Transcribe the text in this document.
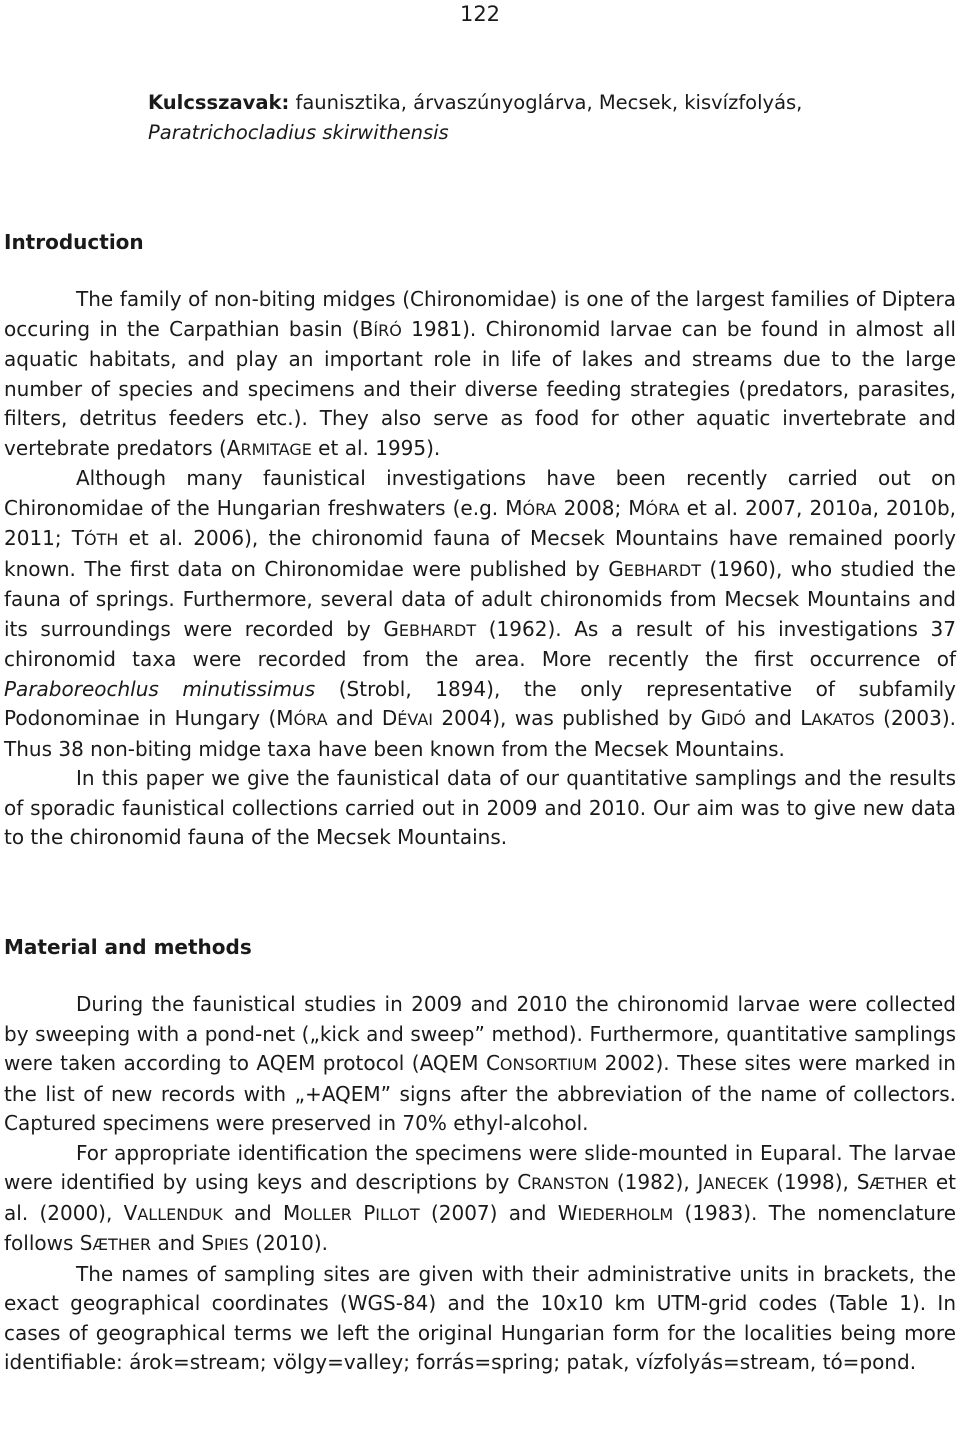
122
Kulcsszavak: faunisztika, árvaszúnyoglárva, Mecsek, kisvízfolyás,
Paratrichocladius skirwithensis
Introduction

The family of non-biting midges (Chironomidae) is one of the largest families of Diptera occuring in the Carpathian basin (BÍRÓ 1981). Chironomid larvae can be found in almost all aquatic habitats, and play an important role in life of lakes and streams due to the large number of species and specimens and their diverse feeding strategies (predators, parasites, filters, detritus feeders etc.). They also serve as food for other aquatic invertebrate and vertebrate predators (ARMITAGE et al. 1995).

Although many faunistical investigations have been recently carried out on Chironomidae of the Hungarian freshwaters (e.g. MÓRA 2008; MÓRA et al. 2007, 2010a, 2010b, 2011; TÓTH et al. 2006), the chironomid fauna of Mecsek Mountains have remained poorly known. The first data on Chironomidae were published by GEBHARDT (1960), who studied the fauna of springs. Furthermore, several data of adult chironomids from Mecsek Mountains and its surroundings were recorded by GEBHARDT (1962). As a result of his investigations 37 chironomid taxa were recorded from the area. More recently the first occurrence of Paraboreochlus minutissimus (Strobl, 1894), the only representative of subfamily Podonominae in Hungary (MÓRA and DÉVAI 2004), was published by GIDÓ and LAKATOS (2003). Thus 38 non-biting midge taxa have been known from the Mecsek Mountains.

In this paper we give the faunistical data of our quantitative samplings and the results of sporadic faunistical collections carried out in 2009 and 2010. Our aim was to give new data to the chironomid fauna of the Mecsek Mountains.

Material and methods

During the faunistical studies in 2009 and 2010 the chironomid larvae were collected by sweeping with a pond-net („kick and sweep” method). Furthermore, quantitative samplings were taken according to AQEM protocol (AQEM CONSORTIUM 2002). These sites were marked in the list of new records with „+AQEM” signs after the abbreviation of the name of collectors. Captured specimens were preserved in 70% ethyl-alcohol.

For appropriate identification the specimens were slide-mounted in Euparal. The larvae were identified by using keys and descriptions by CRANSTON (1982), JANECEK (1998), SÆTHER et al. (2000), VALLENDUK and MOLLER PILLOT (2007) and WIEDERHOLM (1983). The nomenclature follows SÆTHER and SPIES (2010).

The names of sampling sites are given with their administrative units in brackets, the exact geographical coordinates (WGS-84) and the 10x10 km UTM-grid codes (Table 1). In cases of geographical terms we left the original Hungarian form for the localities being more identifiable: árok=stream; völgy=valley; forrás=spring; patak, vízfolyás=stream, tó=pond.
